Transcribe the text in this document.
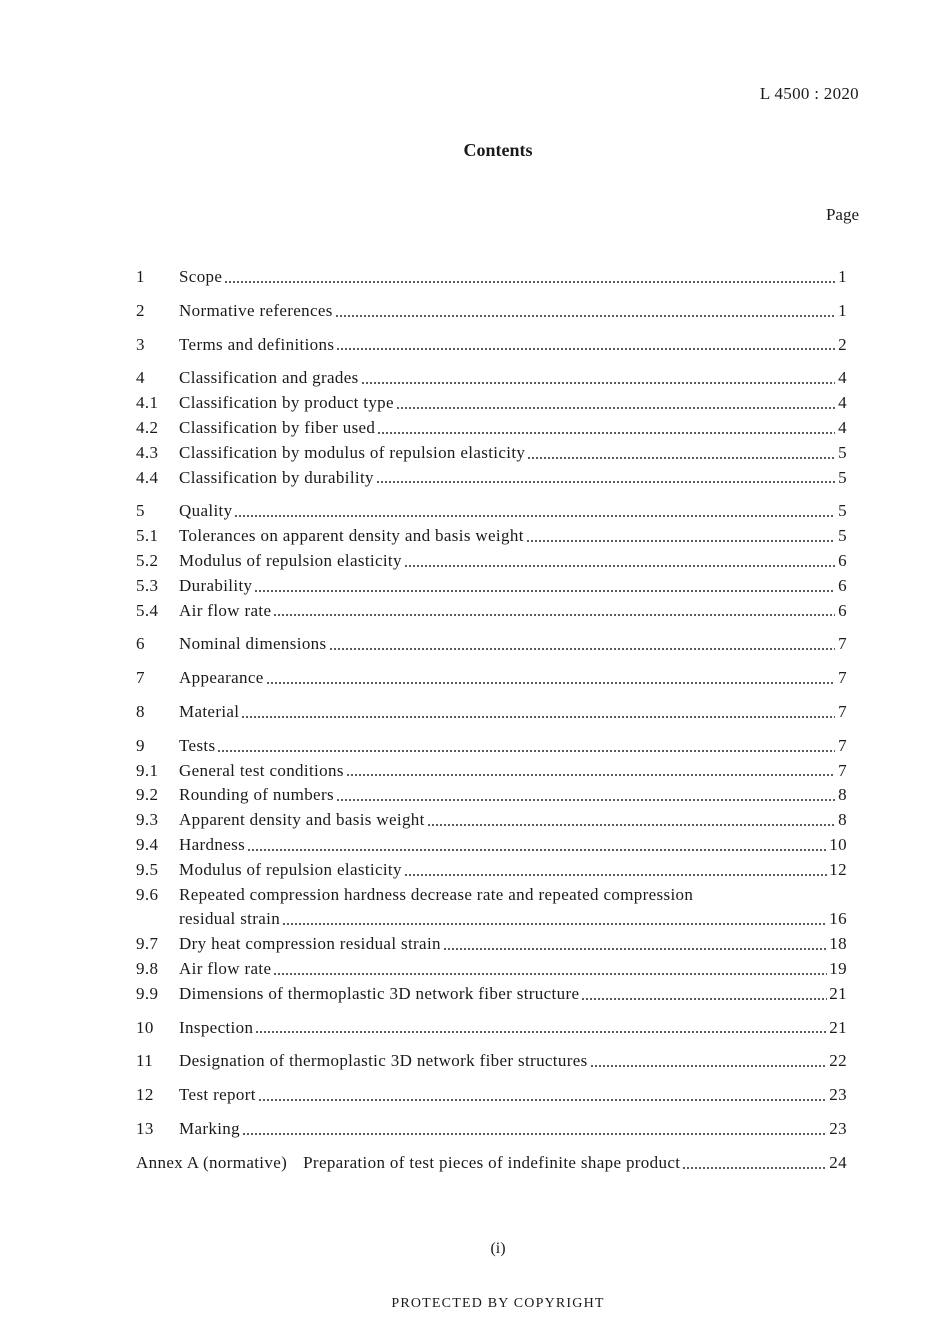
L 4500 : 2020
Contents
Page
1	Scope	1
2	Normative references	1
3	Terms and definitions	2
4	Classification and grades	4
4.1	Classification by product type	4
4.2	Classification by fiber used	4
4.3	Classification by modulus of repulsion elasticity	5
4.4	Classification by durability	5
5	Quality	5
5.1	Tolerances on apparent density and basis weight	5
5.2	Modulus of repulsion elasticity	6
5.3	Durability	6
5.4	Air flow rate	6
6	Nominal dimensions	7
7	Appearance	7
8	Material	7
9	Tests	7
9.1	General test conditions	7
9.2	Rounding of numbers	8
9.3	Apparent density and basis weight	8
9.4	Hardness	10
9.5	Modulus of repulsion elasticity	12
9.6	Repeated compression hardness decrease rate and repeated compression
residual strain	16
9.7	Dry heat compression residual strain	18
9.8	Air flow rate	19
9.9	Dimensions of thermoplastic 3D network fiber structure	21
10	Inspection	21
11	Designation of thermoplastic 3D network fiber structures	22
12	Test report	23
13	Marking	23
Annex A (normative) Preparation of test pieces of indefinite shape product	24
(i)
PROTECTED BY COPYRIGHT
